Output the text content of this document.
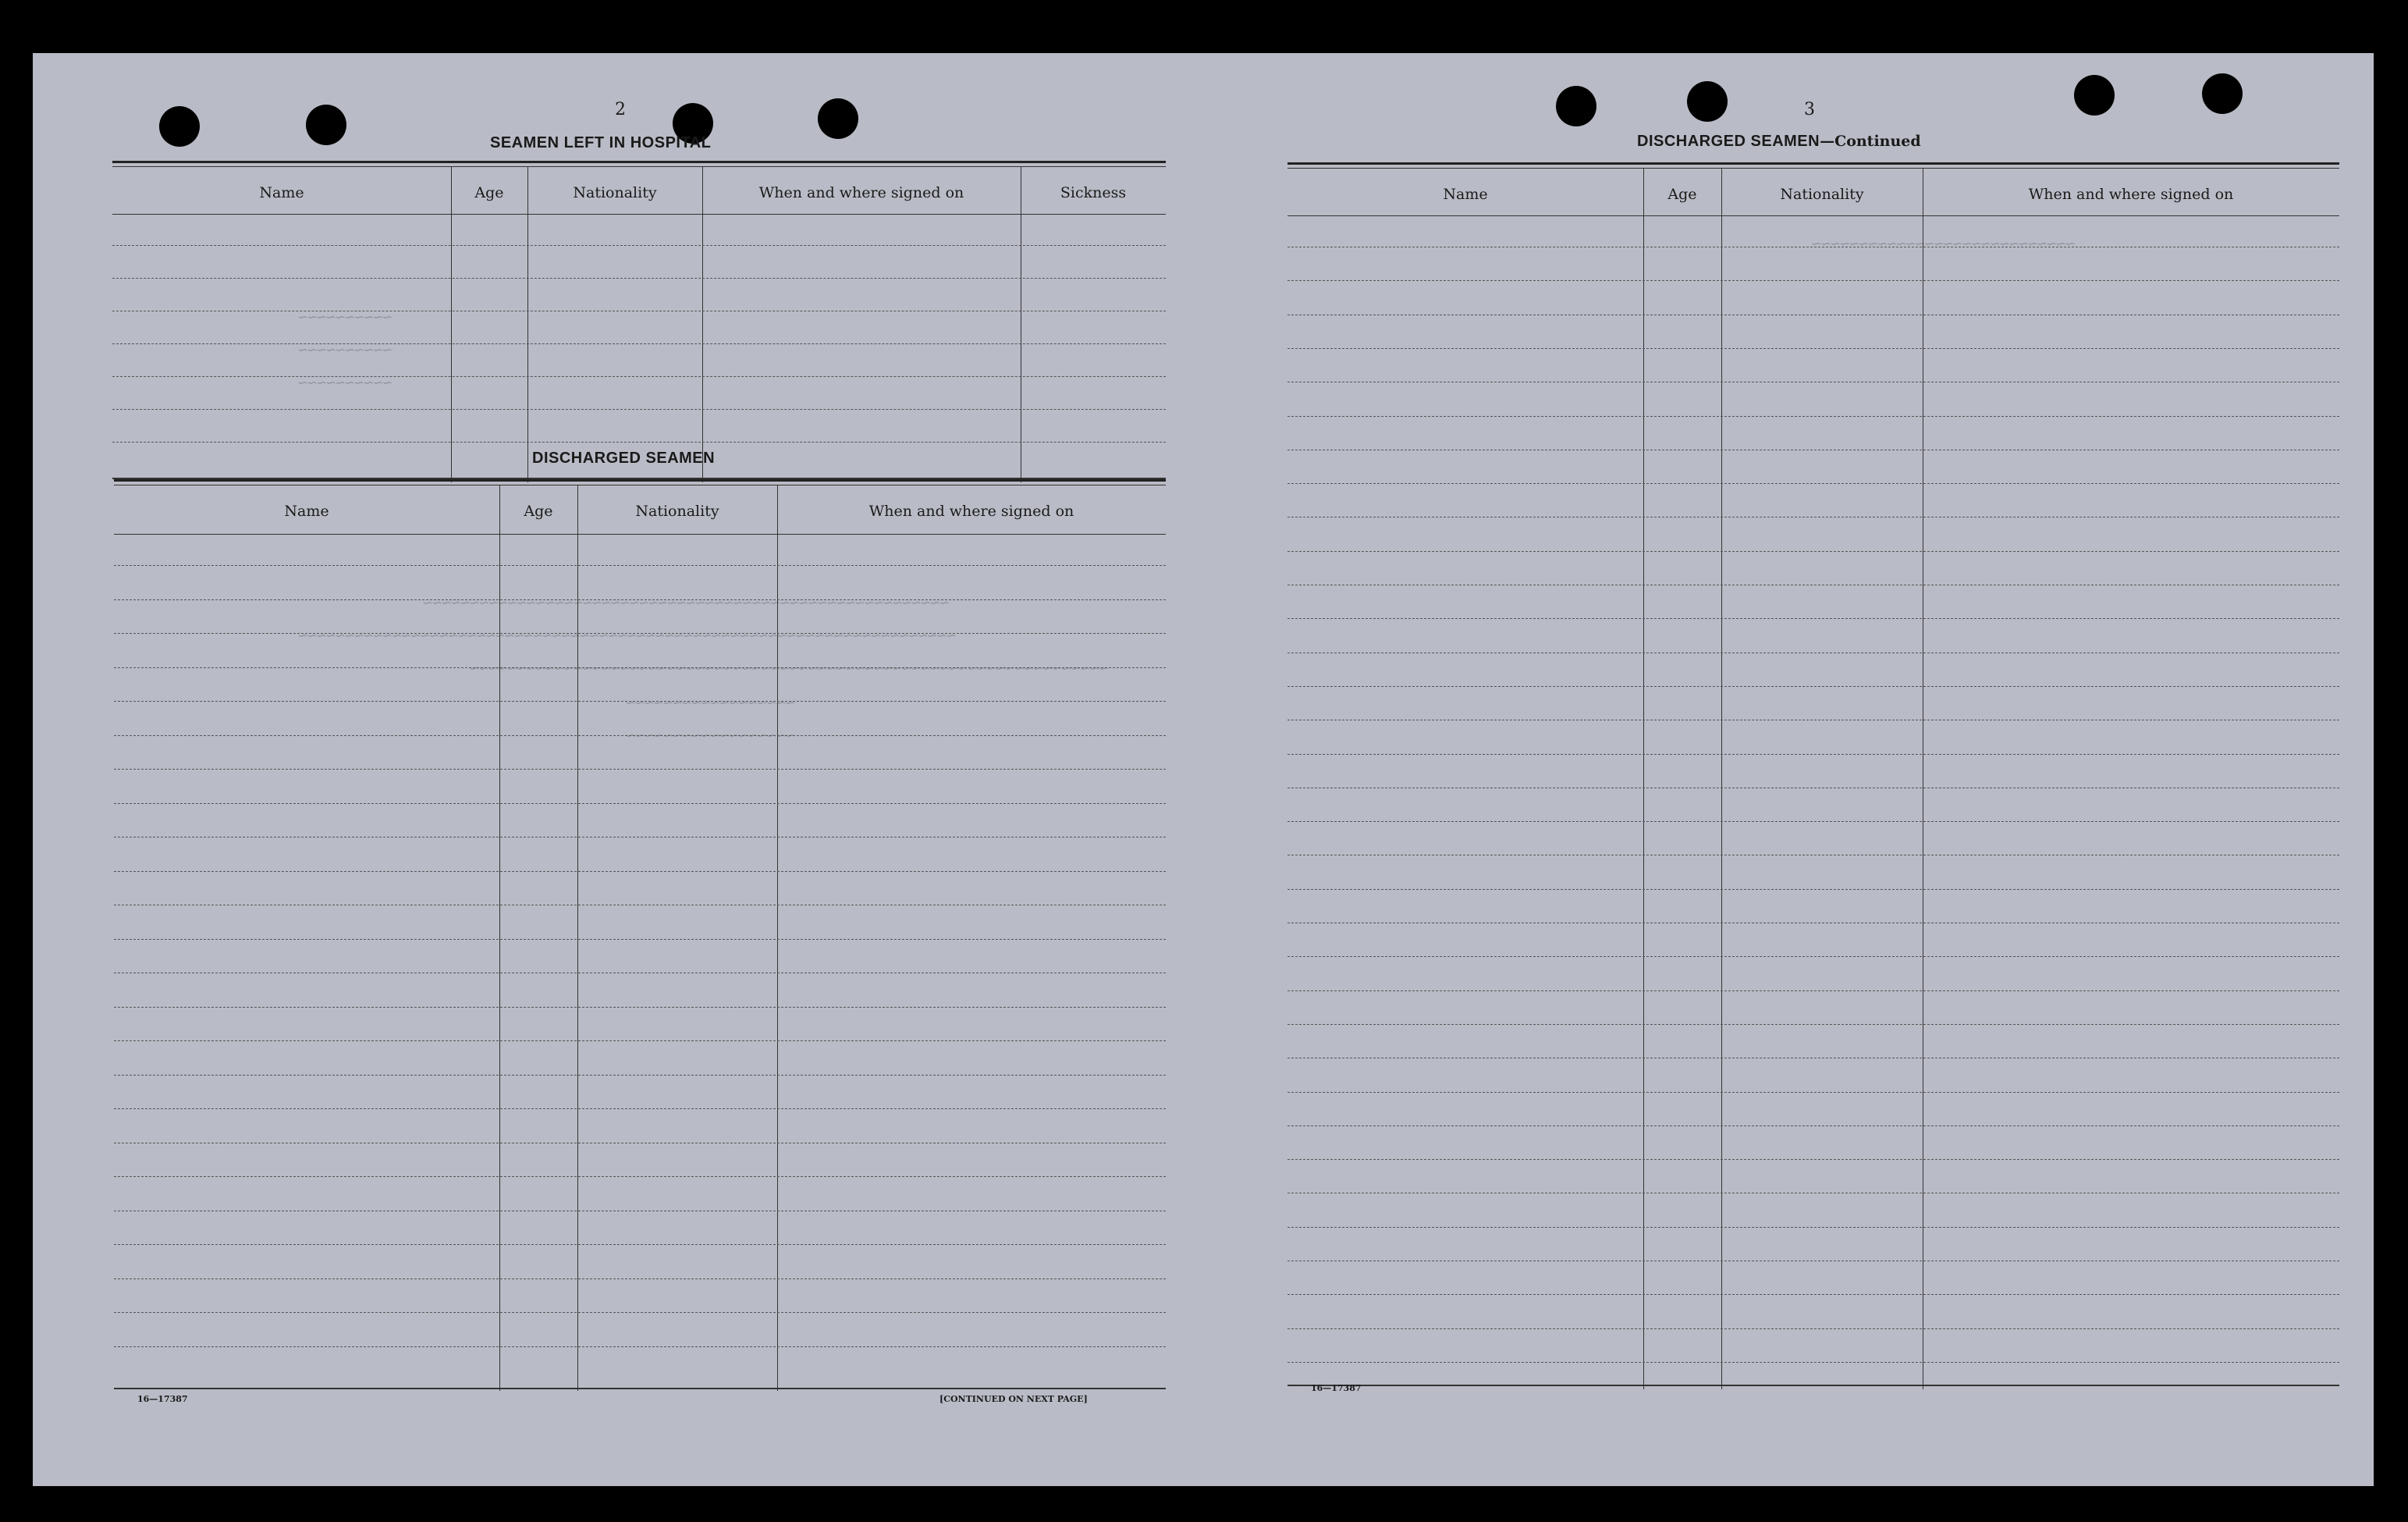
~~~~~~~~~~
~~~~~~~~~~
~~~~~~~~~~
~~~~~~~~~~~~~~~~~~~~~~~~~~~~~~~~~~~~~~~~~~~~~~~~~~~~~~~~
~~~~~~~~~~~~~~~~~~~~~~~~~~~~~~~~~~~~~~~~~~~~~~~~~~~~~~~~~~~~~~~~~~~~~~
~~~~~~~~~~~~~~~~~~~~~~~~~~~~~~~~~~~~~~~~~~~~~~~~~~~~~~~~~~~~~~~~~~~~
~~~~~~~~~~~~~~~~~~
~~~~~~~~~~~~~~~~~~
~~~~~~~~~~~~~~~~~~~~~~~~~~~~
2
SEAMEN LEFT IN HOSPITAL
Name	Age	Nationality	When and where signed on	Sickness
DISCHARGED SEAMEN
Name	Age	Nationality	When and where signed on
16—17387	[CONTINUED ON NEXT PAGE]
3
DISCHARGED SEAMEN—Continued
Name	Age	Nationality	When and where signed on
16—17387
